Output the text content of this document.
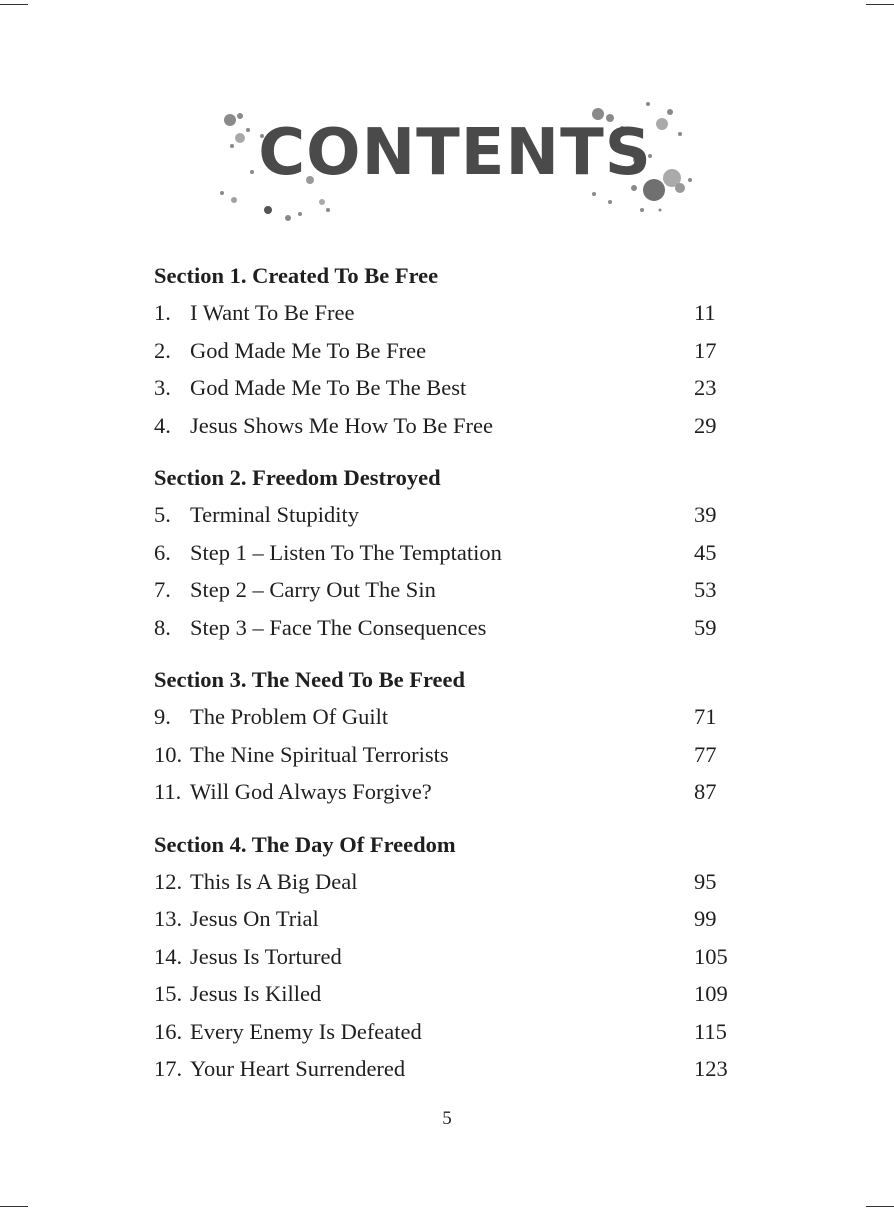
CONTENTS
Section 1. Created To Be Free
1. I Want To Be Free	11
2. God Made Me To Be Free	17
3. God Made Me To Be The Best	23
4. Jesus Shows Me How To Be Free	29
Section 2. Freedom Destroyed
5. Terminal Stupidity	39
6. Step 1 – Listen To The Temptation	45
7. Step 2 – Carry Out The Sin	53
8. Step 3 – Face The Consequences	59
Section 3. The Need To Be Freed
9. The Problem Of Guilt	71
10. The Nine Spiritual Terrorists	77
11. Will God Always Forgive?	87
Section 4. The Day Of Freedom
12. This Is A Big Deal	95
13. Jesus On Trial	99
14. Jesus Is Tortured	105
15. Jesus Is Killed	109
16. Every Enemy Is Defeated	115
17. Your Heart Surrendered	123
5
